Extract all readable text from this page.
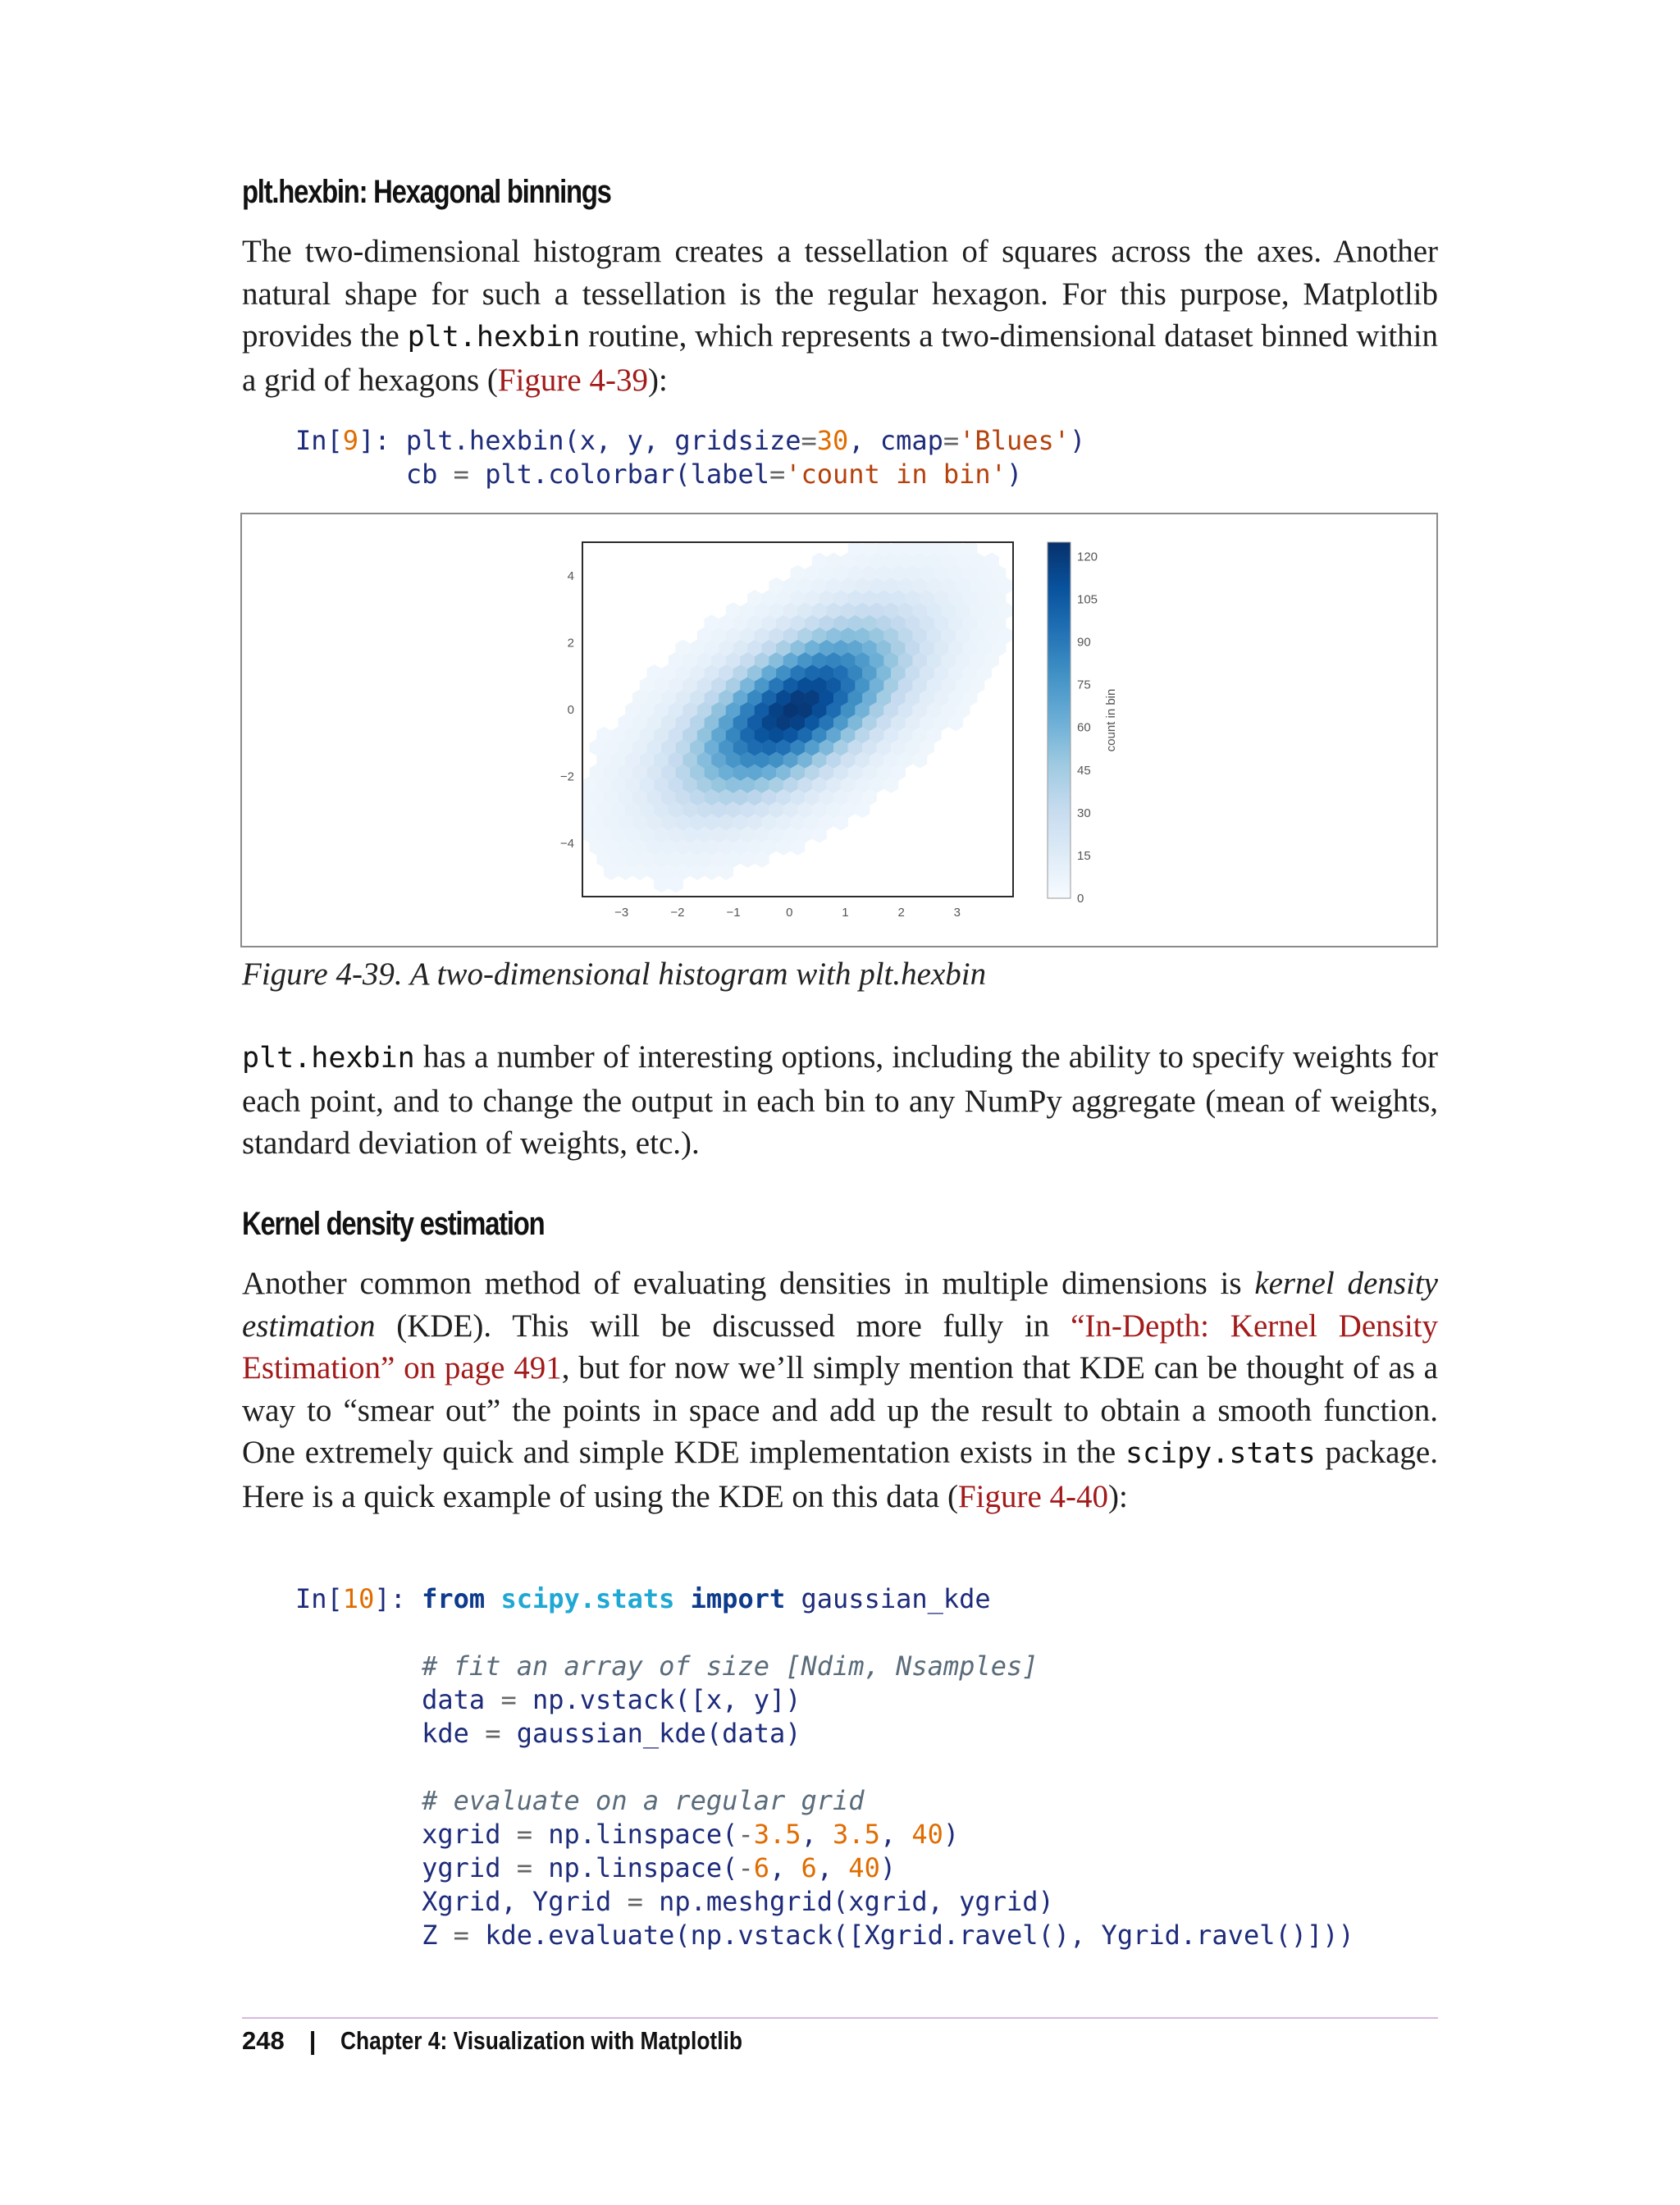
plt.hexbin: Hexagonal binnings

The two-dimensional histogram creates a tessellation of squares across the axes. Another natural shape for such a tessellation is the regular hexagon. For this purpose, Matplotlib provides the plt.hexbin routine, which represents a two-dimensional dataset binned within a grid of hexagons (Figure 4-39):

In[9]: plt.hexbin(x, y, gridsize=30, cmap='Blues')
cb = plt.colorbar(label='count in bin')
−3	−2	−1	0	1	2	3
4
2
0
−2
−4
0
15
30
45
60
75
90
105
120
count in bin

Figure 4-39. A two-dimensional histogram with plt.hexbin

plt.hexbin has a number of interesting options, including the ability to specify weights for each point, and to change the output in each bin to any NumPy aggregate (mean of weights, standard deviation of weights, etc.).

Kernel density estimation

Another common method of evaluating densities in multiple dimensions is kernel density estimation (KDE). This will be discussed more fully in “In-Depth: Kernel Density Estimation” on page 491, but for now we’ll simply mention that KDE can be thought of as a way to “smear out” the points in space and add up the result to obtain a smooth function. One extremely quick and simple KDE implementation exists in the scipy.stats package. Here is a quick example of using the KDE on this data (Figure 4-40):

In[10]: from scipy.stats import gaussian_kde

# fit an array of size [Ndim, Nsamples]
data = np.vstack([x, y])
kde = gaussian_kde(data)

# evaluate on a regular grid
xgrid = np.linspace(-3.5, 3.5, 40)
ygrid = np.linspace(-6, 6, 40)
Xgrid, Ygrid = np.meshgrid(xgrid, ygrid)
Z = kde.evaluate(np.vstack([Xgrid.ravel(), Ygrid.ravel()]))
248 | Chapter 4: Visualization with Matplotlib
